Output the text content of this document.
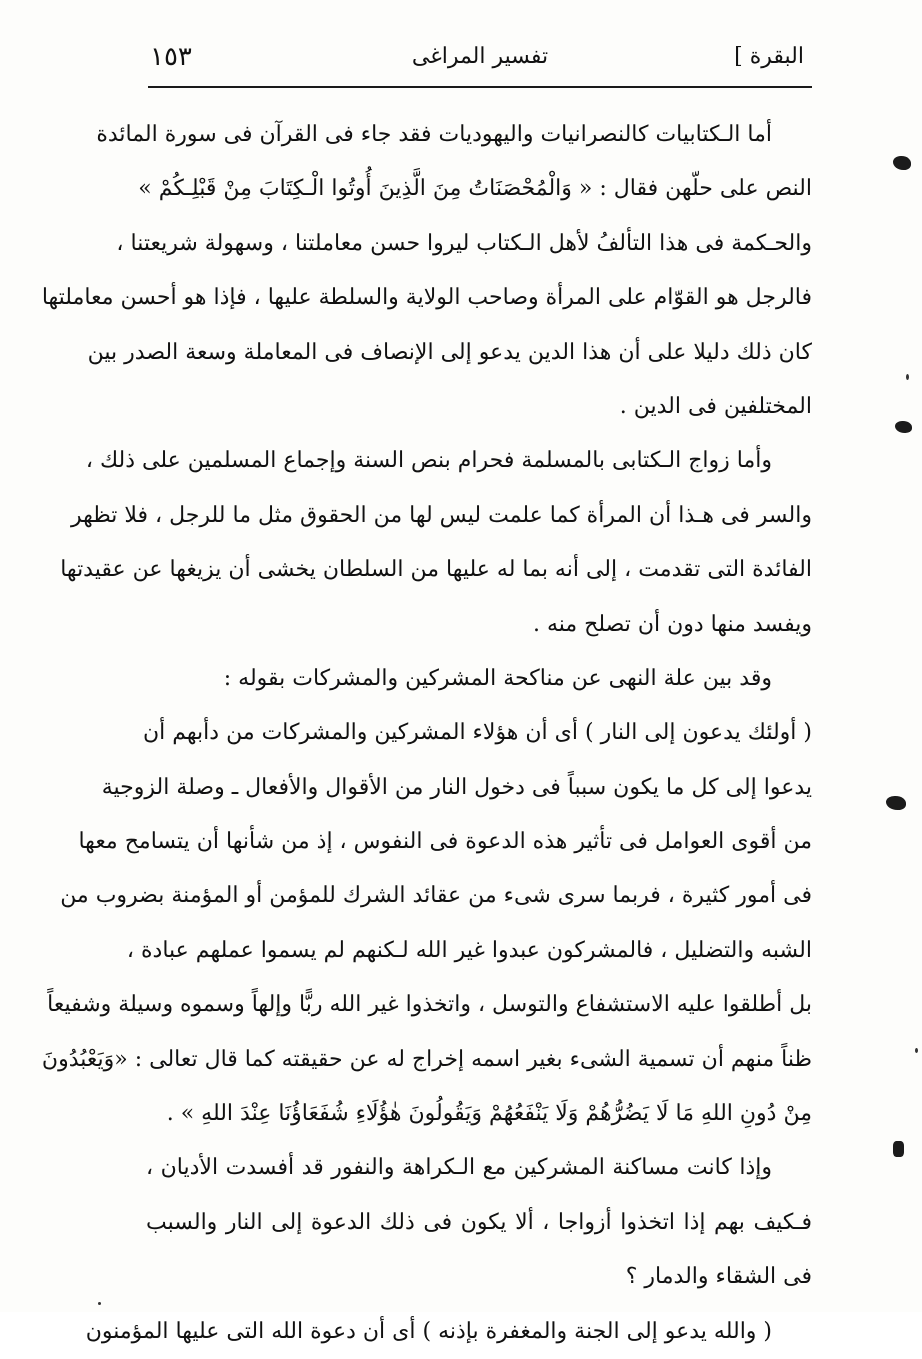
البقرة ]
تفسير المراغى
١٥٣
أما الـكتابيات كالنصرانيات واليهوديات فقد جاء فى القرآن فى سورة المائدة
النص على حلّهن فقال : « وَالْمُحْصَنَاتُ مِنَ الَّذِينَ أُوتُوا الْـكِتَابَ مِنْ قَبْلِـكُمْ »
والحـكمة فى هذا التألفُ لأهل الـكتاب ليروا حسن معاملتنا ، وسهولة شريعتنا ،
فالرجل هو القوّام على المرأة وصاحب الولاية والسلطة عليها ، فإذا هو أحسن معاملتها
كان ذلك دليلا على أن هذا الدين يدعو إلى الإنصاف فى المعاملة وسعة الصدر بين
المختلفين فى الدين .
وأما زواج الـكتابى بالمسلمة فحرام بنص السنة وإجماع المسلمين على ذلك ،
والسر فى هـذا أن المرأة كما علمت ليس لها من الحقوق مثل ما للرجل ، فلا تظهر
الفائدة التى تقدمت ، إلى أنه بما له عليها من السلطان يخشى أن يزيغها عن عقيدتها
ويفسد منها دون أن تصلح منه .
وقد بين علة النهى عن مناكحة المشركين والمشركات بقوله :
( أولئك يدعون إلى النار ) أى أن هؤلاء المشركين والمشركات من دأبهم أن
يدعوا إلى كل ما يكون سبباً فى دخول النار من الأقوال والأفعال ـ وصلة الزوجية
من أقوى العوامل فى تأثير هذه الدعوة فى النفوس ، إذ من شأنها أن يتسامح معها
فى أمور كثيرة ، فربما سرى شىء من عقائد الشرك للمؤمن أو المؤمنة بضروب من
الشبه والتضليل ، فالمشركون عبدوا غير الله لـكنهم لم يسموا عملهم عبادة ،
بل أطلقوا عليه الاستشفاع والتوسل ، واتخذوا غير الله ربًّا وإلهاً وسموه وسيلة وشفيعاً
ظناً منهم أن تسمية الشىء بغير اسمه إخراج له عن حقيقته كما قال تعالى : «وَيَعْبُدُونَ
مِنْ دُونِ اللهِ مَا لَا يَضُرُّهُمْ وَلَا يَنْفَعُهُمْ وَيَقُولُونَ هٰؤُلَاءِ شُفَعَاؤُنَا عِنْدَ اللهِ » .
وإذا كانت مساكنة المشركين مع الـكراهة والنفور قد أفسدت الأديان ،
فـكيف بهم إذا اتخذوا أزواجا ، ألا يكون فى ذلك الدعوة إلى النار والسبب
فى الشقاء والدمار ؟
( والله يدعو إلى الجنة والمغفرة بإذنه ) أى أن دعوة الله التى عليها المؤمنون
